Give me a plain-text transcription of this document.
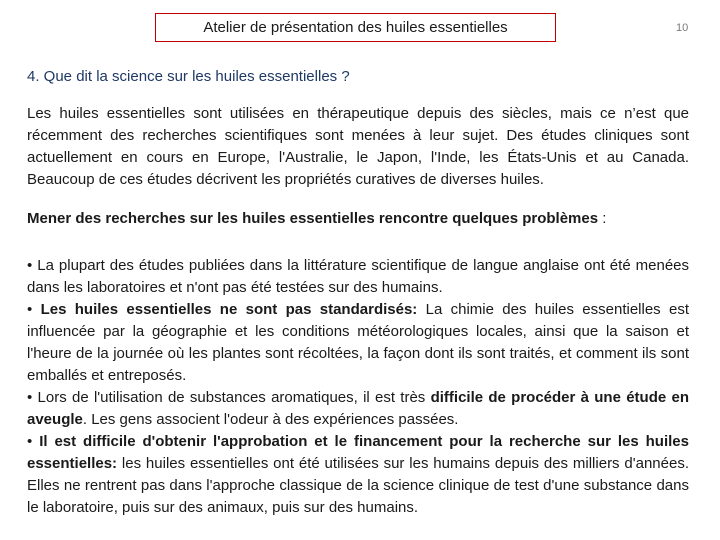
Atelier de présentation des huiles essentielles	10
4. Que dit la science sur les huiles essentielles ?

Les huiles essentielles sont utilisées en thérapeutique depuis des siècles, mais ce n’est que récemment des recherches scientifiques sont menées à leur sujet. Des études cliniques sont actuellement en cours en Europe, l'Australie, le Japon, l'Inde, les États-Unis et au Canada. Beaucoup de ces études décrivent les propriétés curatives de diverses huiles.

Mener des recherches sur les huiles essentielles rencontre quelques problèmes :
• La plupart des études publiées dans la littérature scientifique de langue anglaise ont été menées dans les laboratoires et n'ont pas été testées sur des humains.
• Les huiles essentielles ne sont pas standardisés: La chimie des huiles essentielles est influencée par la géographie et les conditions météorologiques locales, ainsi que la saison et l'heure de la journée où les plantes sont récoltées, la façon dont ils sont traités, et comment ils sont emballés et entreposés.
• Lors de l'utilisation de substances aromatiques, il est très difficile de procéder à une étude en aveugle. Les gens associent l'odeur à des expériences passées.
• Il est difficile d'obtenir l'approbation et le financement pour la recherche sur les huiles essentielles: les huiles essentielles ont été utilisées sur les humains depuis des milliers d'années. Elles ne rentrent pas dans l'approche classique de la science clinique de test d'une substance dans le laboratoire, puis sur des animaux, puis sur des humains.
